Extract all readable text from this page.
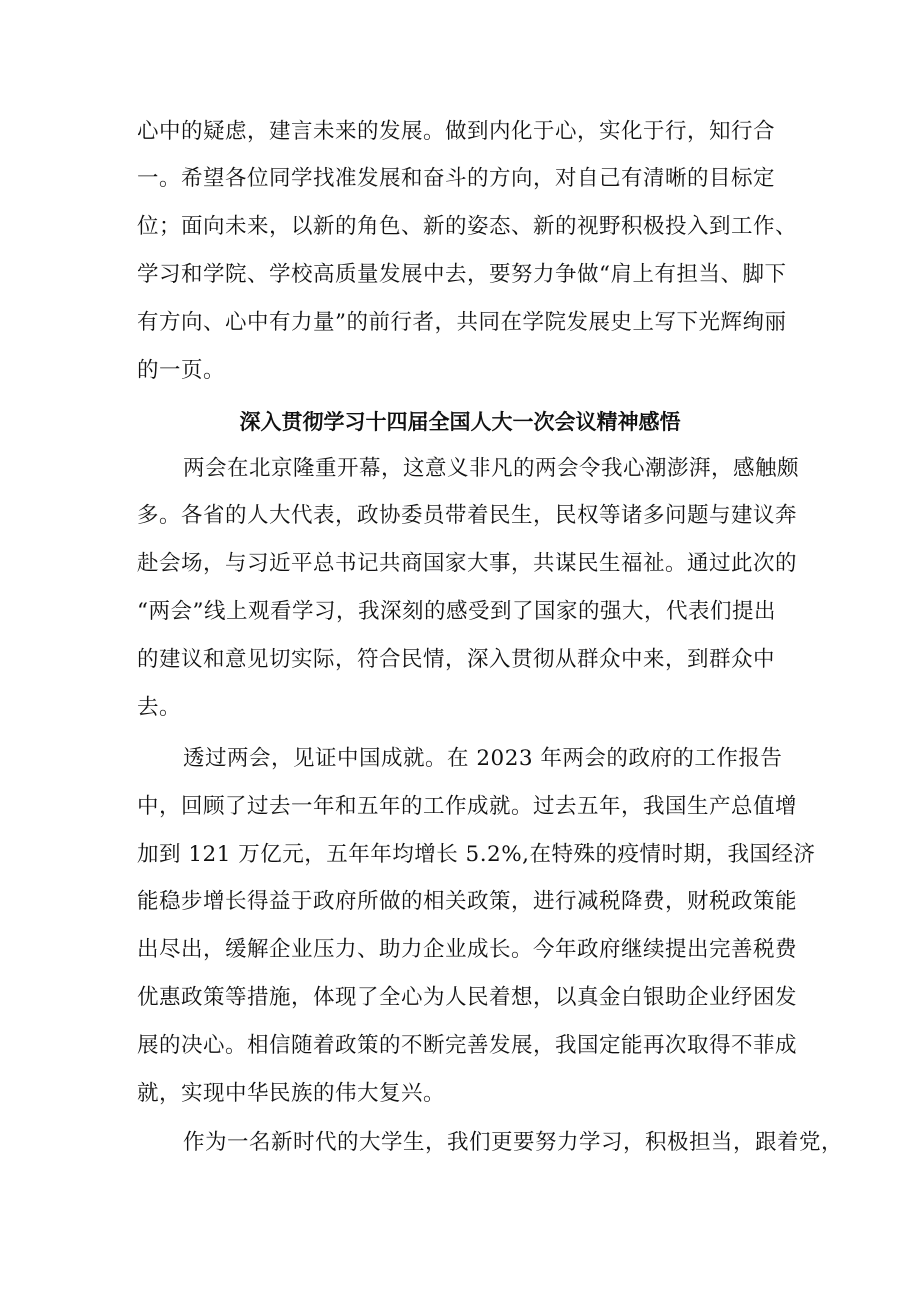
心中的疑虑，建言未来的发展。做到内化于心，实化于行，知行合
一。希望各位同学找准发展和奋斗的方向，对自己有清晰的目标定
位；面向未来，以新的角色、新的姿态、新的视野积极投入到工作、
学习和学院、学校高质量发展中去，要努力争做“肩上有担当、脚下
有方向、心中有力量”的前行者，共同在学院发展史上写下光辉绚丽
的一页。
深入贯彻学习十四届全国人大一次会议精神感悟
两会在北京隆重开幕，这意义非凡的两会令我心潮澎湃，感触颇
多。各省的人大代表，政协委员带着民生，民权等诸多问题与建议奔
赴会场，与习近平总书记共商国家大事，共谋民生福祉。通过此次的
“两会”线上观看学习，我深刻的感受到了国家的强大，代表们提出
的建议和意见切实际，符合民情，深入贯彻从群众中来，到群众中
去。
透过两会，见证中国成就。在 2023 年两会的政府的工作报告
中，回顾了过去一年和五年的工作成就。过去五年，我国生产总值增
加到 121 万亿元，五年年均增长 5.2%,在特殊的疫情时期，我国经济
能稳步增长得益于政府所做的相关政策，进行减税降费，财税政策能
出尽出，缓解企业压力、助力企业成长。今年政府继续提出完善税费
优惠政策等措施，体现了全心为人民着想，以真金白银助企业纾困发
展的决心。相信随着政策的不断完善发展，我国定能再次取得不菲成
就，实现中华民族的伟大复兴。
作为一名新时代的大学生，我们更要努力学习，积极担当，跟着党，
